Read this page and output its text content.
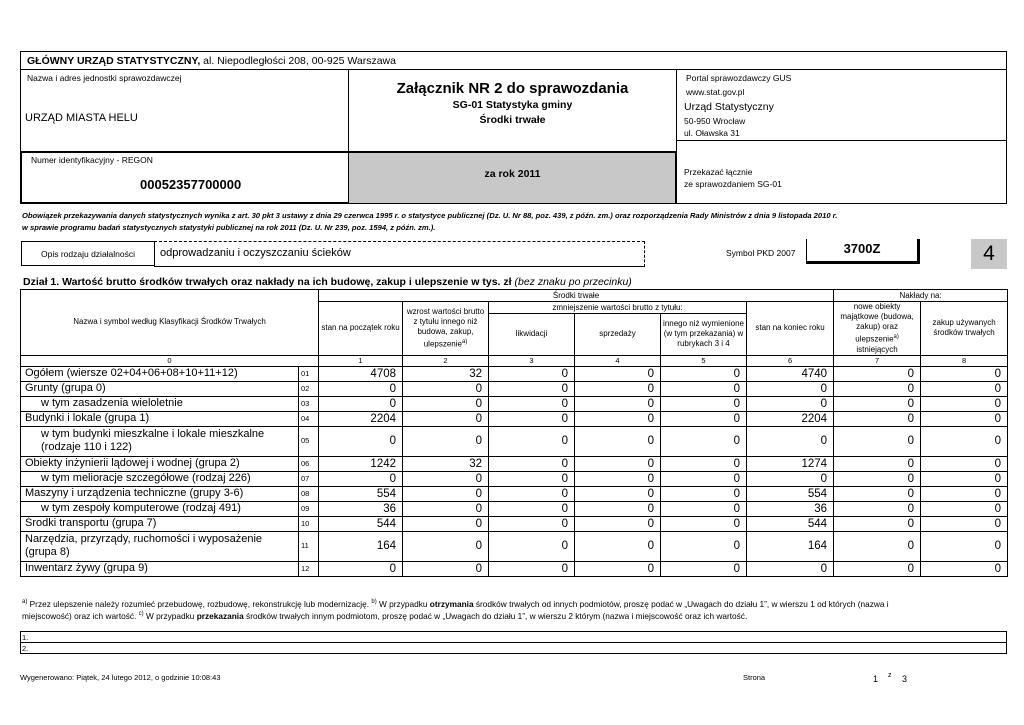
GŁÓWNY URZĄD STATYSTYCZNY, al. Niepodległości 208, 00-925 Warszawa
Nazwa i adres jednostki sprawozdawczej
URZĄD MIASTA HELU
Załącznik NR 2 do sprawozdania
SG-01 Statystyka gminy
Środki trwałe
Portal sprawozdawczy GUS
www.stat.gov.pl
Urząd Statystyczny
50-950 Wrocław
ul. Oławska 31
Numer identyfikacyjny - REGON
00052357700000
za rok 2011	Przekazać łącznie
ze sprawozdaniem SG-01
Obowiązek przekazywania danych statystycznych wynika z art. 30 pkt 3 ustawy z dnia 29 czerwca 1995 r. o statystyce publicznej (Dz. U. Nr 88, poz. 439, z późn. zm.) oraz rozporządzenia Rady Ministrów z dnia 9 listopada 2010 r.
w sprawie programu badań statystycznych statystyki publicznej na rok 2011 (Dz. U. Nr 239, poz. 1594, z późn. zm.).
Opis rodzaju działalności odprowadzaniu i oczyszczaniu ścieków	Symbol PKD 2007	3700Z	4
Dział 1. Wartość brutto środków trwałych oraz nakłady na ich budowę, zakup i ulepszenie w tys. zł (bez znaku po przecinku)
Nazwa i symbol według Klasyfikacji Środków Trwałych		Środki trwałe						Nakłady na:	
		stan na początek roku	wzrost wartości brutto z tytułu innego niż budowa, zakup, ulepszenie$^{a)}$	zmniejszenie wartości brutto z tytułu:			stan na koniec roku	nowe obiekty majątkowe (budowa, zakup) oraz ulepszenie$^{a)}$ istniejących	zakup używanych środków trwałych
				likwidacji	sprzedaży	innego niż wymienione (w tym przekazania) w rubrykach 3 i 4			
0		1	2	3	4	5	6	7	8
Ogółem (wiersze 02+04+06+08+10+11+12)	01	4708	32	0	0	0	4740	0	0
Grunty (grupa 0)	02	0	0	0	0	0	0	0	0
w tym zasadzenia wieloletnie	03	0	0	0	0	0	0	0	0
Budynki i lokale (grupa 1)	04	2204	0	0	0	0	2204	0	0
w tym budynki mieszkalne i lokale mieszkalne (rodzaje 110 i 122)	05	0	0	0	0	0	0	0	0
Obiekty inżynierii lądowej i wodnej (grupa 2)	06	1242	32	0	0	0	1274	0	0
w tym melioracje szczegółowe (rodzaj 226)	07	0	0	0	0	0	0	0	0
Maszyny i urządzenia techniczne (grupy 3-6)	08	554	0	0	0	0	554	0	0
w tym zespoły komputerowe (rodzaj 491)	09	36	0	0	0	0	36	0	0
Środki transportu (grupa 7)	10	544	0	0	0	0	544	0	0
Narzędzia, przyrządy, ruchomości i wyposażenie (grupa 8)	11	164	0	0	0	0	164	0	0
Inwentarz żywy (grupa 9)	12	0	0	0	0	0	0	0	0
$^{a)}$ Przez ulepszenie należy rozumieć przebudowę, rozbudowę, rekonstrukcję lub modernizację. $^{b)}$ W przypadku otrzymania środków trwałych od innych podmiotów, proszę podać w „Uwagach do działu 1”, w wierszu 1 od których (nazwa i
miejscowość) oraz ich wartość. $^{c)}$ W przypadku przekazania środków trwałych innym podmiotom, proszę podać w „Uwagach do działu 1”, w wierszu 2 którym (nazwa i miejscowość oraz ich wartość.
1.
2.
Wygenerowano: Piątek, 24 lutego 2012, o godzinie 10:08:43	Strona	1 z 3
